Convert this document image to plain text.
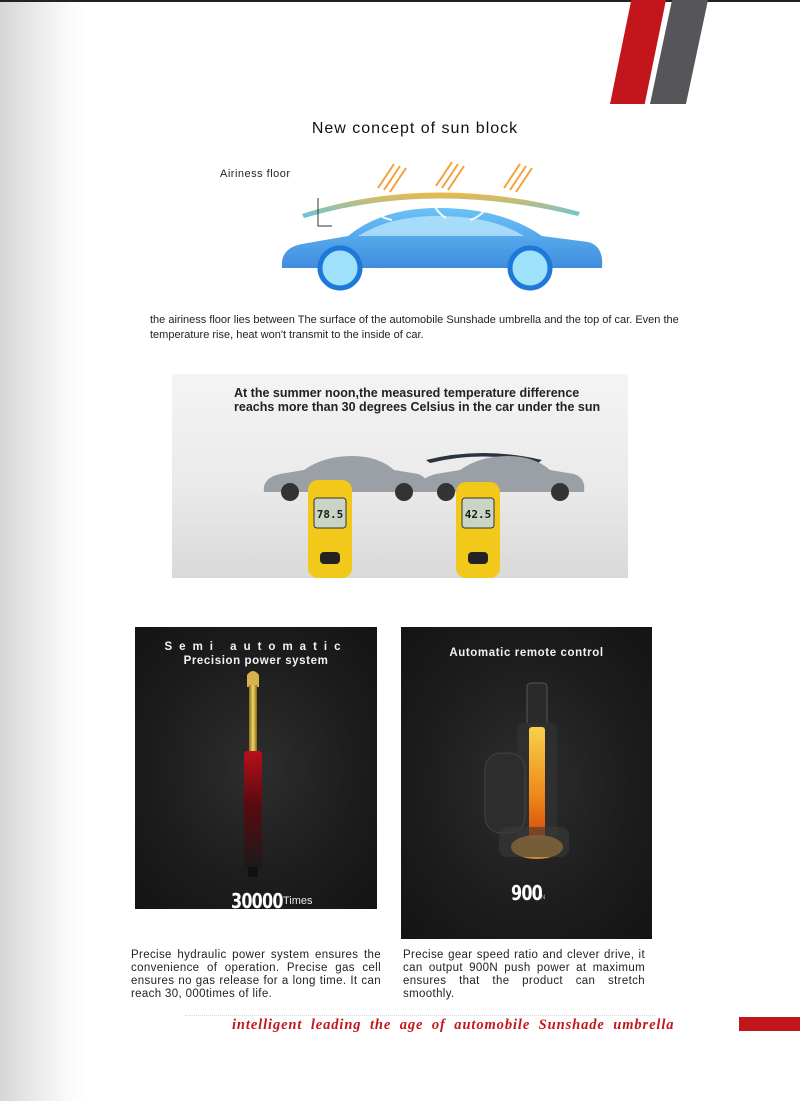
New concept of sun block
Airiness floor
the airiness floor lies between The surface of the automobile Sunshade umbrella and the top of car. Even the temperature rise, heat won't transmit to the inside of car.
78.5	42.5
At the summer noon,the measured temperature difference reachs more than 30 degrees Celsius in the car under the sun
Semi automatic
Precision power system
30000 Times
Automatic remote control
900 N
Precise hydraulic power system ensures the convenience of operation. Precise gas cell ensures no gas release for a long time. It can reach 30, 000times of life.
Precise gear speed ratio and clever drive, it can output 900N push power at maximum ensures that the product can stretch smoothly.
intelligent leading the age of automobile Sunshade umbrella
